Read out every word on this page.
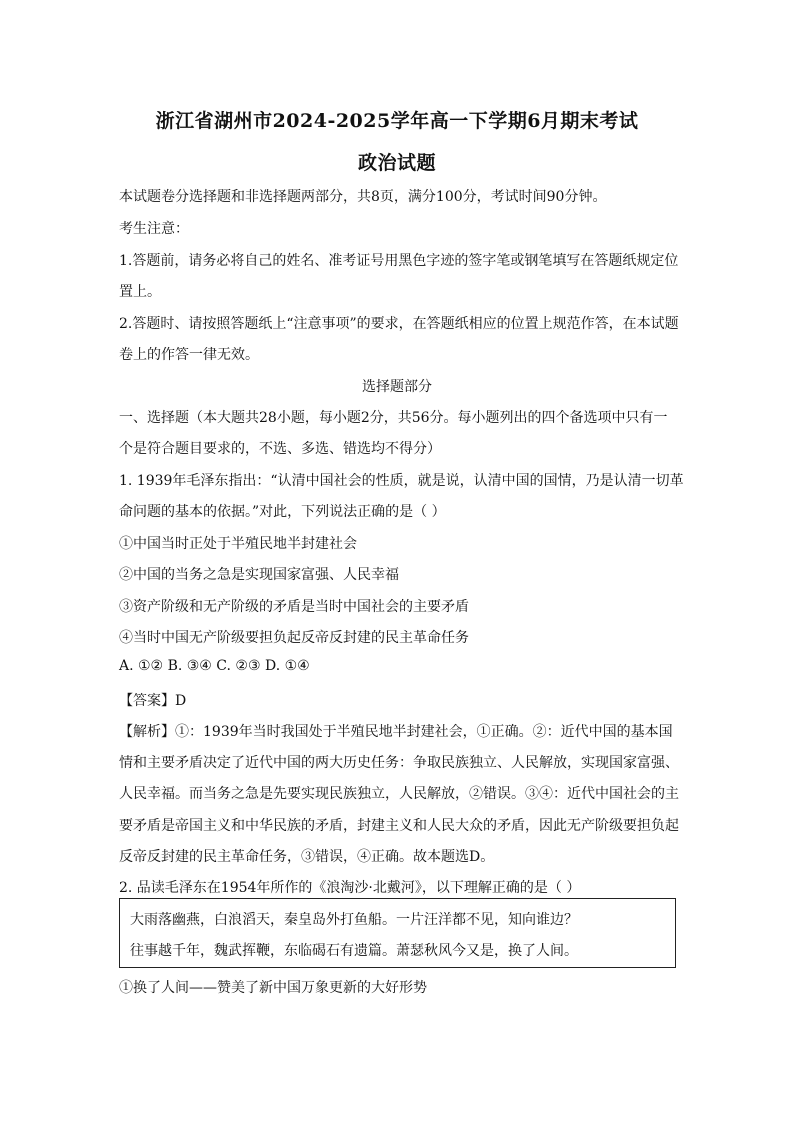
浙江省湖州市2024-2025学年高一下学期6月期末考试
政治试题
本试题卷分选择题和非选择题两部分，共8页，满分100分，考试时间90分钟。
考生注意：
1.答题前，请务必将自己的姓名、准考证号用黑色字迹的签字笔或钢笔填写在答题纸规定位
置上。
2.答题时、请按照答题纸上“注意事项”的要求，在答题纸相应的位置上规范作答，在本试题
卷上的作答一律无效。
选择题部分
一、选择题（本大题共28小题，每小题2分，共56分。每小题列出的四个备选项中只有一
个是符合题目要求的，不选、多选、错选均不得分）
1. 1939年毛泽东指出：“认清中国社会的性质，就是说，认清中国的国情，乃是认清一切革
命问题的基本的依据。”对此，下列说法正确的是（ ）
①中国当时正处于半殖民地半封建社会
②中国的当务之急是实现国家富强、人民幸福
③资产阶级和无产阶级的矛盾是当时中国社会的主要矛盾
④当时中国无产阶级要担负起反帝反封建的民主革命任务
A. ①② B. ③④ C. ②③ D. ①④
【答案】D
【解析】①：1939年当时我国处于半殖民地半封建社会，①正确。②：近代中国的基本国
情和主要矛盾决定了近代中国的两大历史任务：争取民族独立、人民解放，实现国家富强、
人民幸福。而当务之急是先要实现民族独立，人民解放，②错误。③④：近代中国社会的主
要矛盾是帝国主义和中华民族的矛盾，封建主义和人民大众的矛盾，因此无产阶级要担负起
反帝反封建的民主革命任务，③错误，④正确。故本题选D。
2. 品读毛泽东在1954年所作的《浪淘沙·北戴河》，以下理解正确的是（ ）
大雨落幽燕，白浪滔天，秦皇岛外打鱼船。一片汪洋都不见，知向谁边？
往事越千年，魏武挥鞭，东临碣石有遗篇。萧瑟秋风今又是，换了人间。
①换了人间——赞美了新中国万象更新的大好形势
